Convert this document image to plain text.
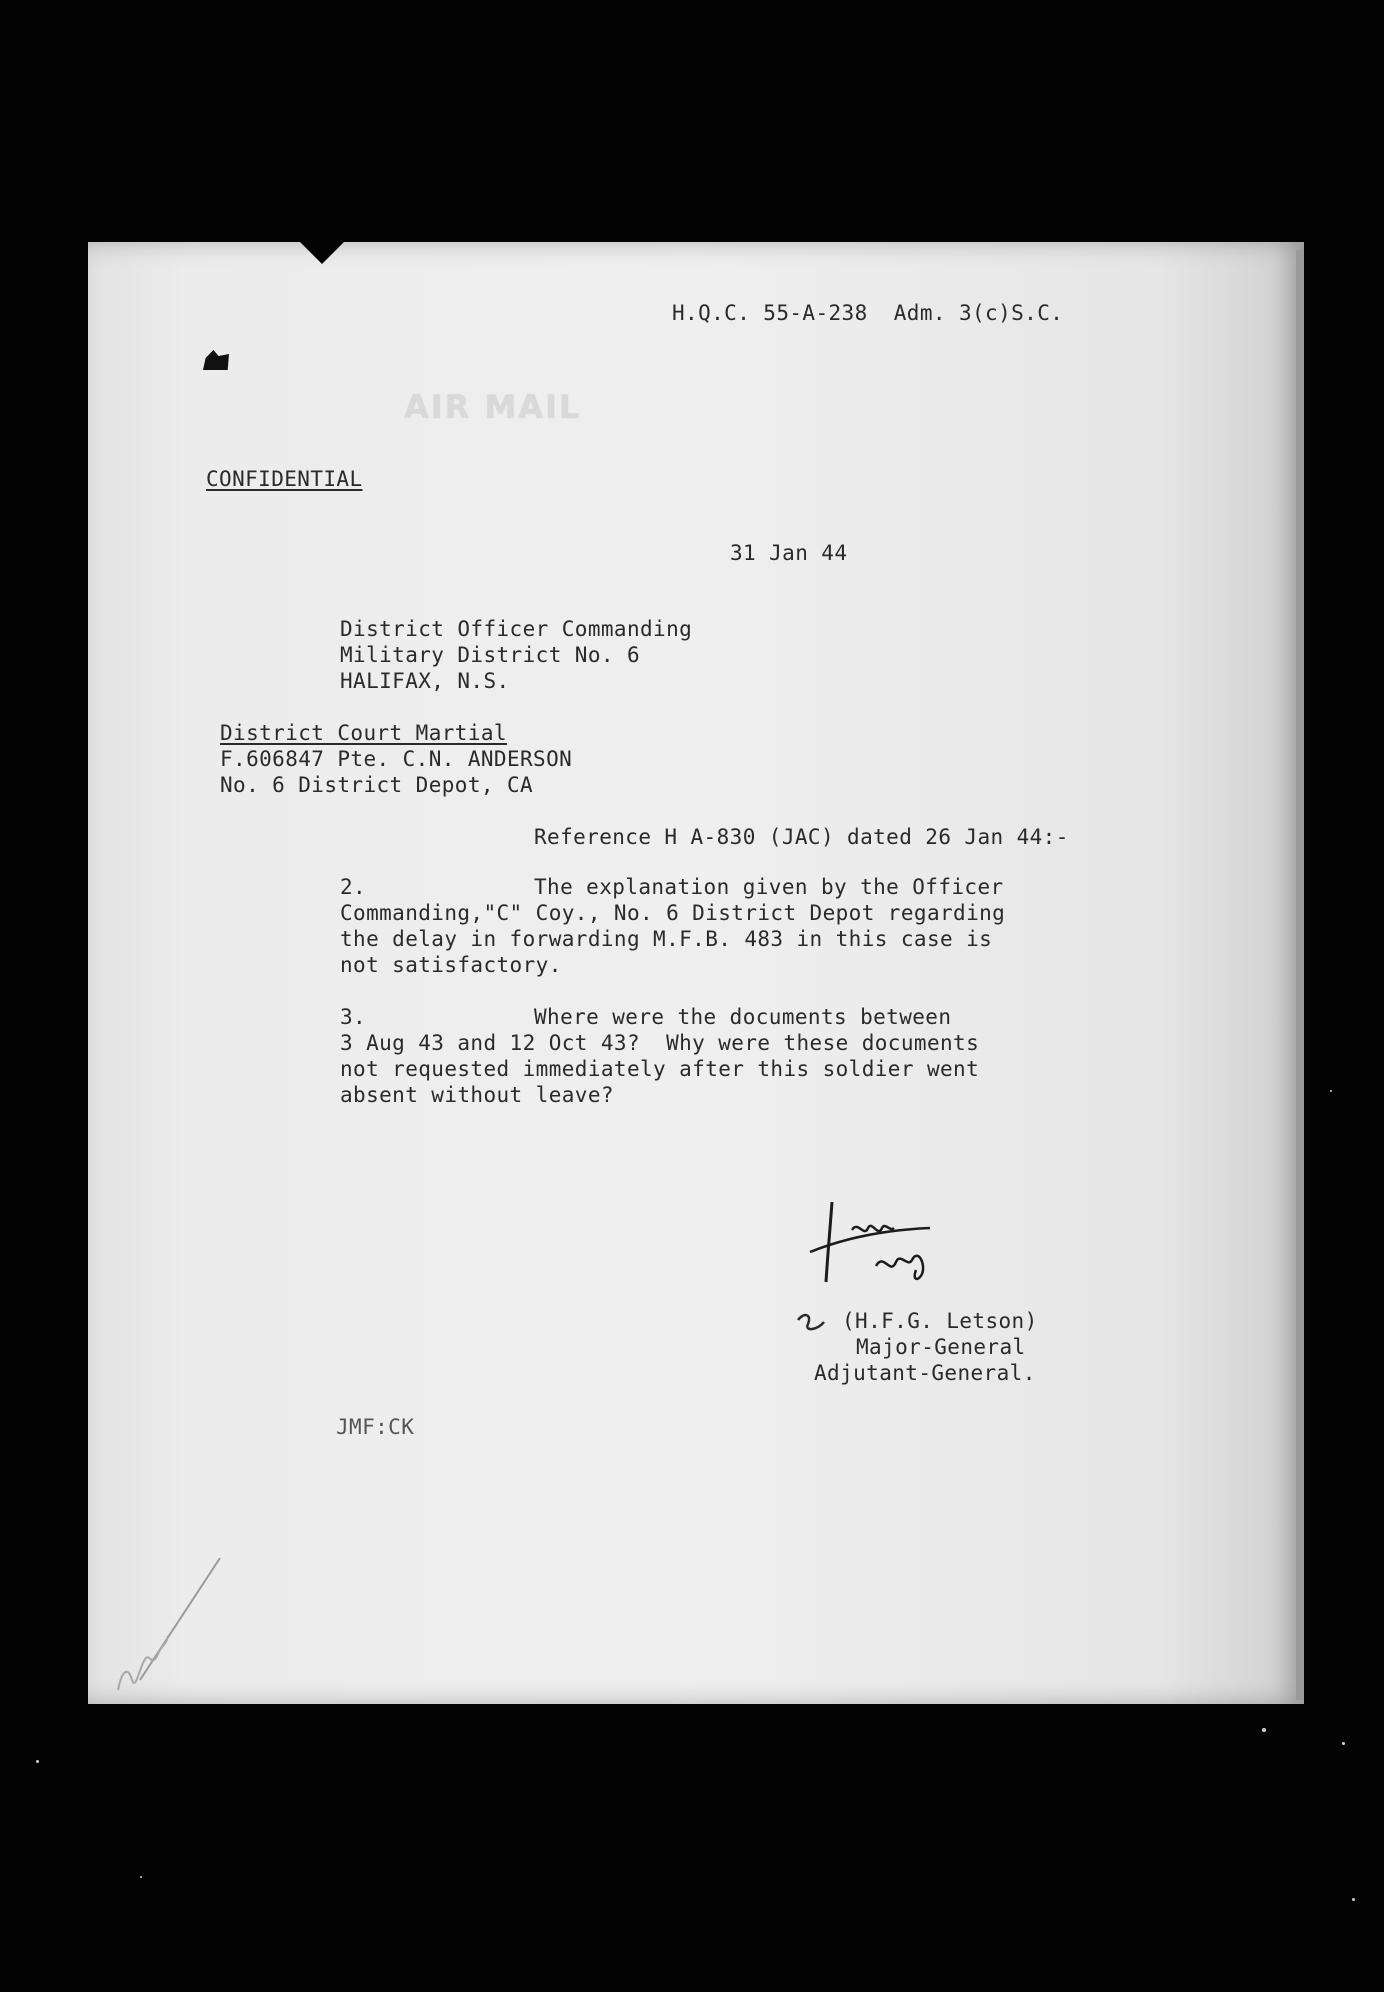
H.Q.C. 55-A-238  Adm. 3(c)S.C.
AIR MAIL
CONFIDENTIAL
31 Jan 44
District Officer Commanding
Military District No. 6
HALIFAX, N.S.
District Court Martial
F.606847 Pte. C.N. ANDERSON
No. 6 District Depot, CA
Reference H A-830 (JAC) dated 26 Jan 44:-
2.	The explanation given by the Officer
Commanding,"C" Coy., No. 6 District Depot regarding
the delay in forwarding M.F.B. 483 in this case is
not satisfactory.
3.	Where were the documents between
3 Aug 43 and 12 Oct 43?  Why were these documents
not requested immediately after this soldier went
absent without leave?
(H.F.G. Letson)
Major-General
Adjutant-General.
JMF:CK
